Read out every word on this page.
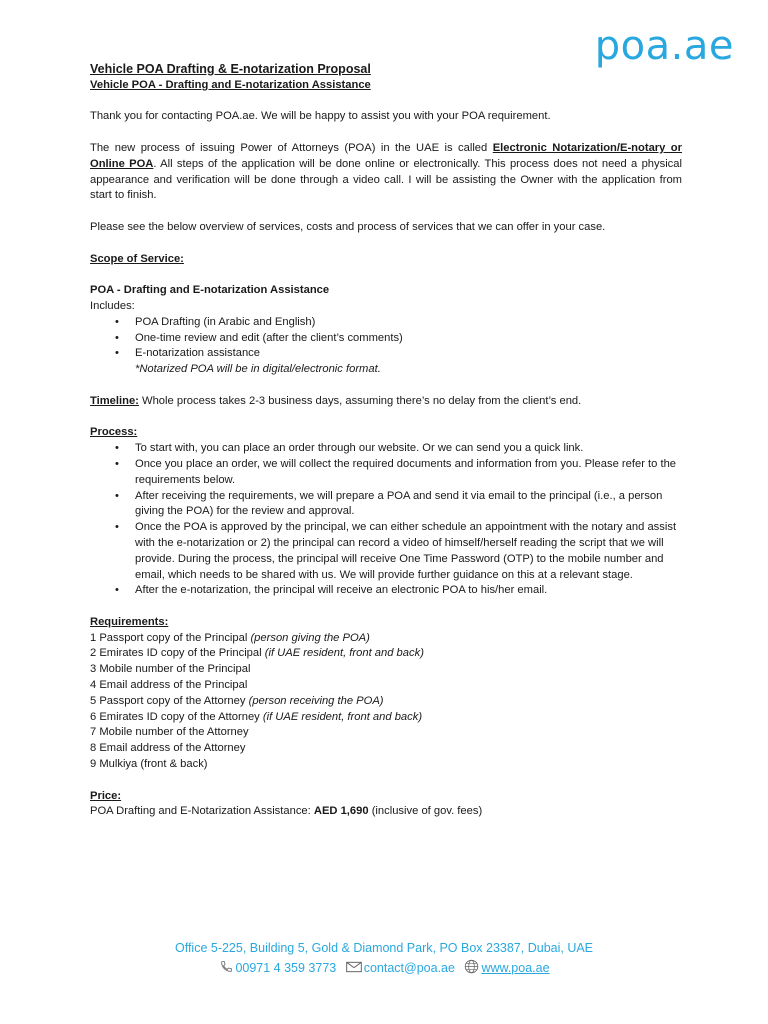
poa.ae

Vehicle POA Drafting & E-notarization Proposal

Vehicle POA - Drafting and E-notarization Assistance

Thank you for contacting POA.ae. We will be happy to assist you with your POA requirement.

The new process of issuing Power of Attorneys (POA) in the UAE is called Electronic Notarization/E-notary or Online POA. All steps of the application will be done online or electronically. This process does not need a physical appearance and verification will be done through a video call. I will be assisting the Owner with the application from start to finish.

Please see the below overview of services, costs and process of services that we can offer in your case.

Scope of Service:

POA - Drafting and E-notarization Assistance

Includes:

• POA Drafting (in Arabic and English)
• One-time review and edit (after the client’s comments)
• E-notarization assistance

*Notarized POA will be in digital/electronic format.

Timeline: Whole process takes 2-3 business days, assuming there’s no delay from the client’s end.

Process:

• To start with, you can place an order through our website. Or we can send you a quick link.
• Once you place an order, we will collect the required documents and information from you. Please refer to the requirements below.
• After receiving the requirements, we will prepare a POA and send it via email to the principal (i.e., a person giving the POA) for the review and approval.
• Once the POA is approved by the principal, we can either schedule an appointment with the notary and assist with the e-notarization or 2) the principal can record a video of himself/herself reading the script that we will provide. During the process, the principal will receive One Time Password (OTP) to the mobile number and email, which needs to be shared with us. We will provide further guidance on this at a relevant stage.
• After the e-notarization, the principal will receive an electronic POA to his/her email.

Requirements:

1 Passport copy of the Principal (person giving the POA)

2 Emirates ID copy of the Principal (if UAE resident, front and back)

3 Mobile number of the Principal

4 Email address of the Principal

5 Passport copy of the Attorney (person receiving the POA)

6 Emirates ID copy of the Attorney (if UAE resident, front and back)

7 Mobile number of the Attorney

8 Email address of the Attorney

9 Mulkiya (front & back)

Price:

POA Drafting and E-Notarization Assistance: AED 1,690 (inclusive of gov. fees)

Office 5-225, Building 5, Gold & Diamond Park, PO Box 23387, Dubai, UAE
00971 4 359 3773 contact@poa.ae www.poa.ae
